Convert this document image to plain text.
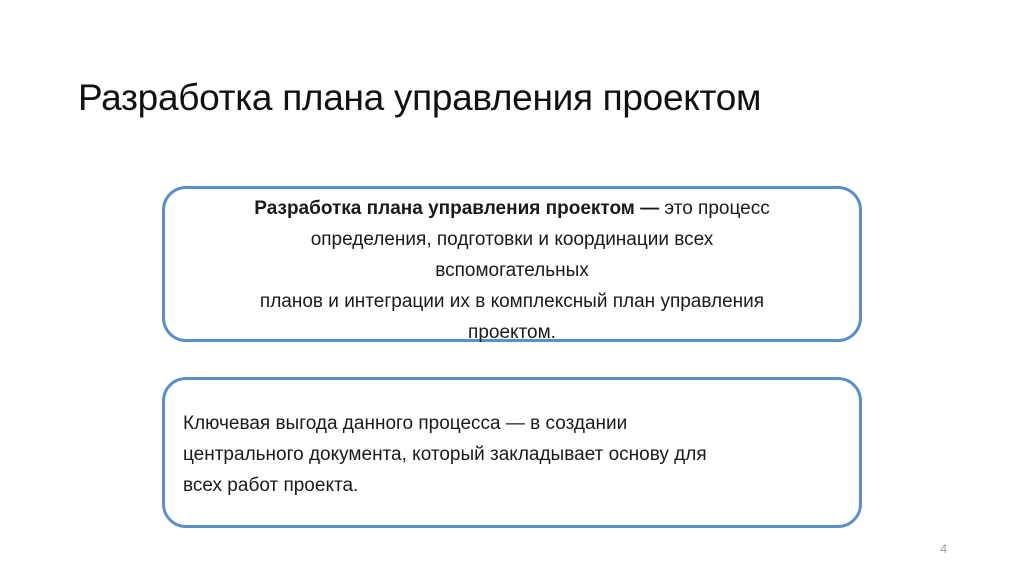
Разработка плана управления проектом
Разработка плана управления проектом — это процесс
определения, подготовки и координации всех
вспомогательных
планов и интеграции их в комплексный план управления
проектом.
Ключевая выгода данного процесса — в создании
центрального документа, который закладывает основу для
всех работ проекта.
4
